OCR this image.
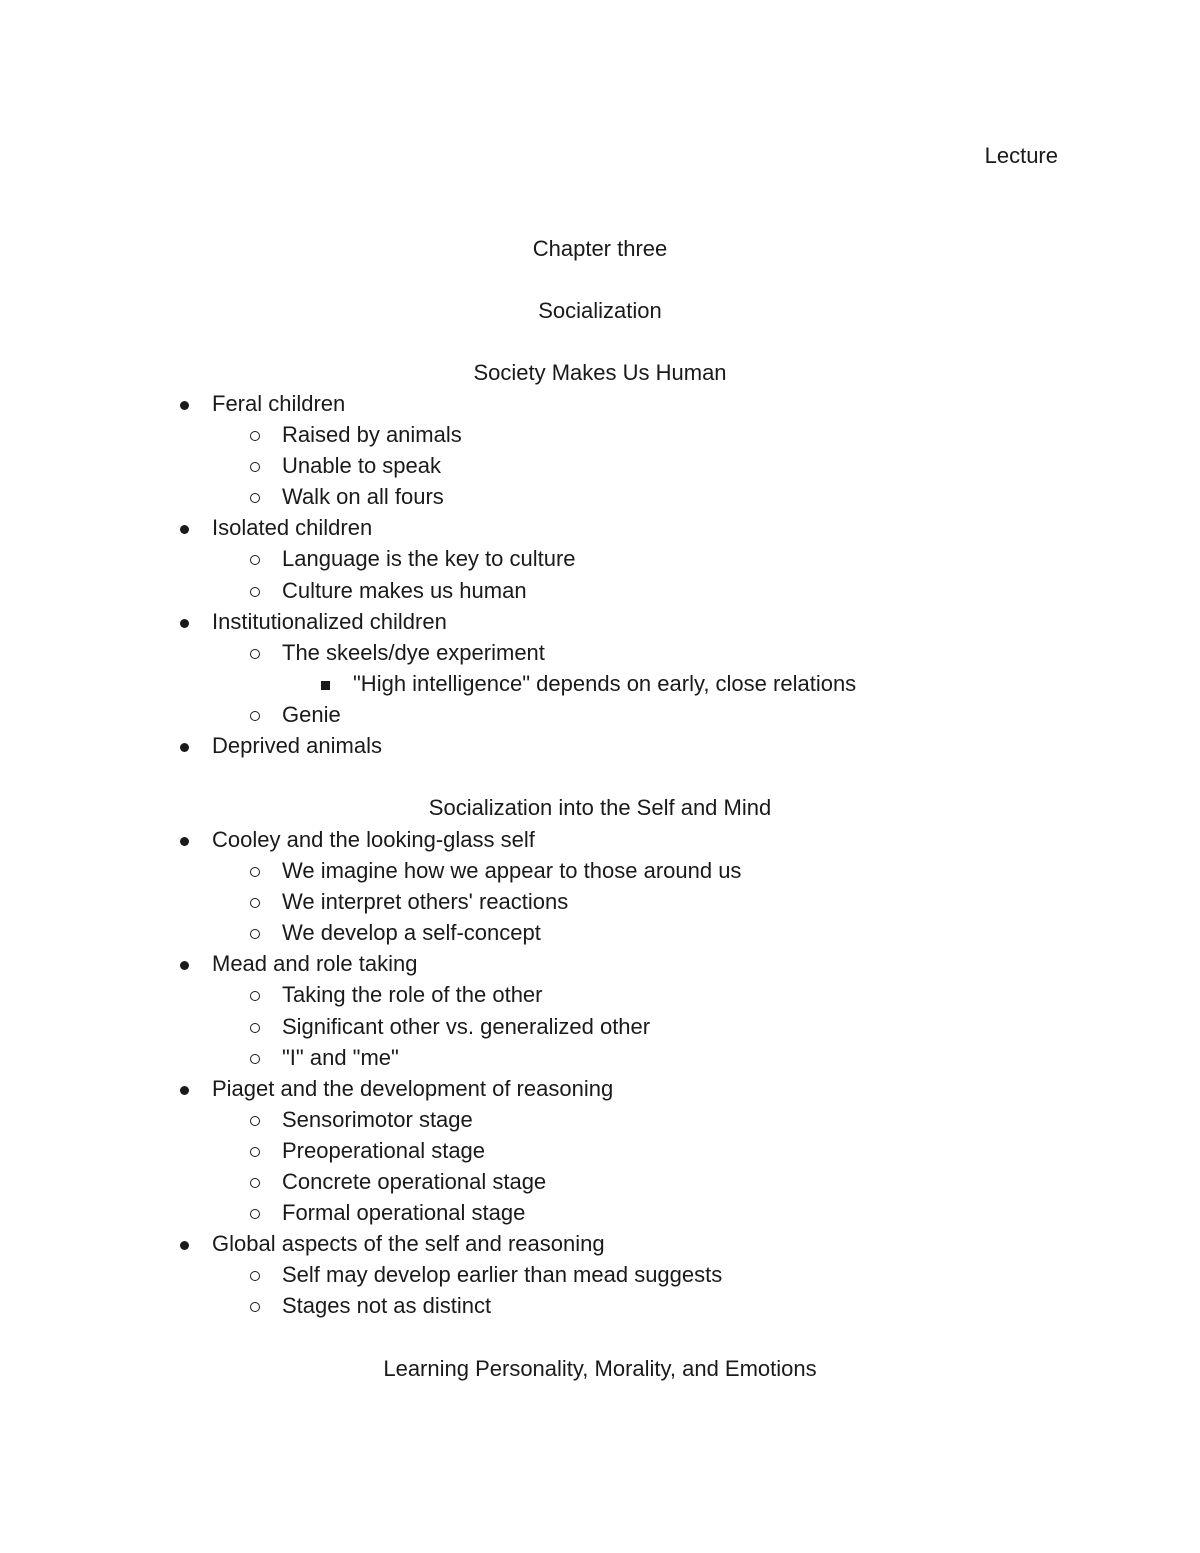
Lecture
Chapter three
Socialization
Society Makes Us Human
Feral children
Raised by animals
Unable to speak
Walk on all fours
Isolated children
Language is the key to culture
Culture makes us human
Institutionalized children
The skeels/dye experiment
"High intelligence" depends on early, close relations
Genie
Deprived animals
Socialization into the Self and Mind
Cooley and the looking-glass self
We imagine how we appear to those around us
We interpret others' reactions
We develop a self-concept
Mead and role taking
Taking the role of the other
Significant other vs. generalized other
"I" and "me"
Piaget and the development of reasoning
Sensorimotor stage
Preoperational stage
Concrete operational stage
Formal operational stage
Global aspects of the self and reasoning
Self may develop earlier than mead suggests
Stages not as distinct
Learning Personality, Morality, and Emotions
